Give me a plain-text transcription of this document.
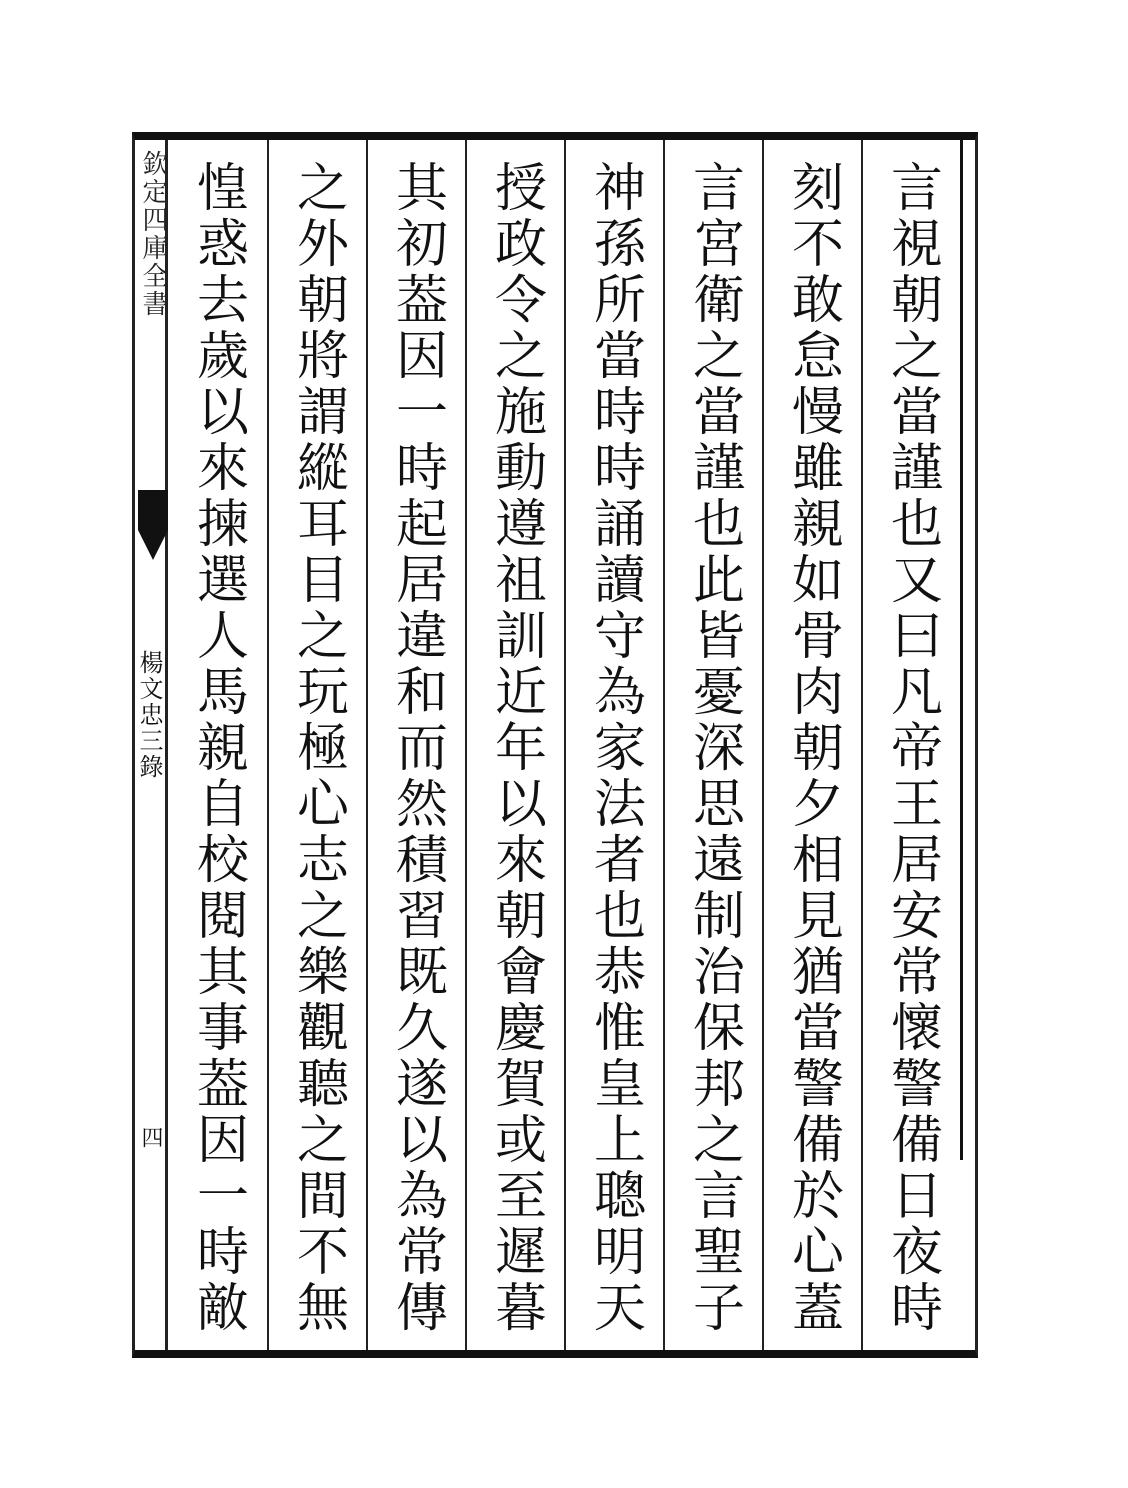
欽定四庫全書
楊文忠三錄
四	言視朝之當謹也又曰凡帝王居安常懷警備日夜時
刻不敢怠慢雖親如骨肉朝夕相見猶當警備於心蓋
言宮衛之當謹也此皆憂深思遠制治保邦之言聖子
神孫所當時時誦讀守為家法者也恭惟皇上聰明天
授政令之施動遵祖訓近年以來朝會慶賀或至遲暮
其初葢因一時起居違和而然積習既久遂以為常傳
之外朝將謂縱耳目之玩極心志之樂觀聽之間不無
惶惑去歲以來揀選人馬親自校閱其事葢因一時敵
